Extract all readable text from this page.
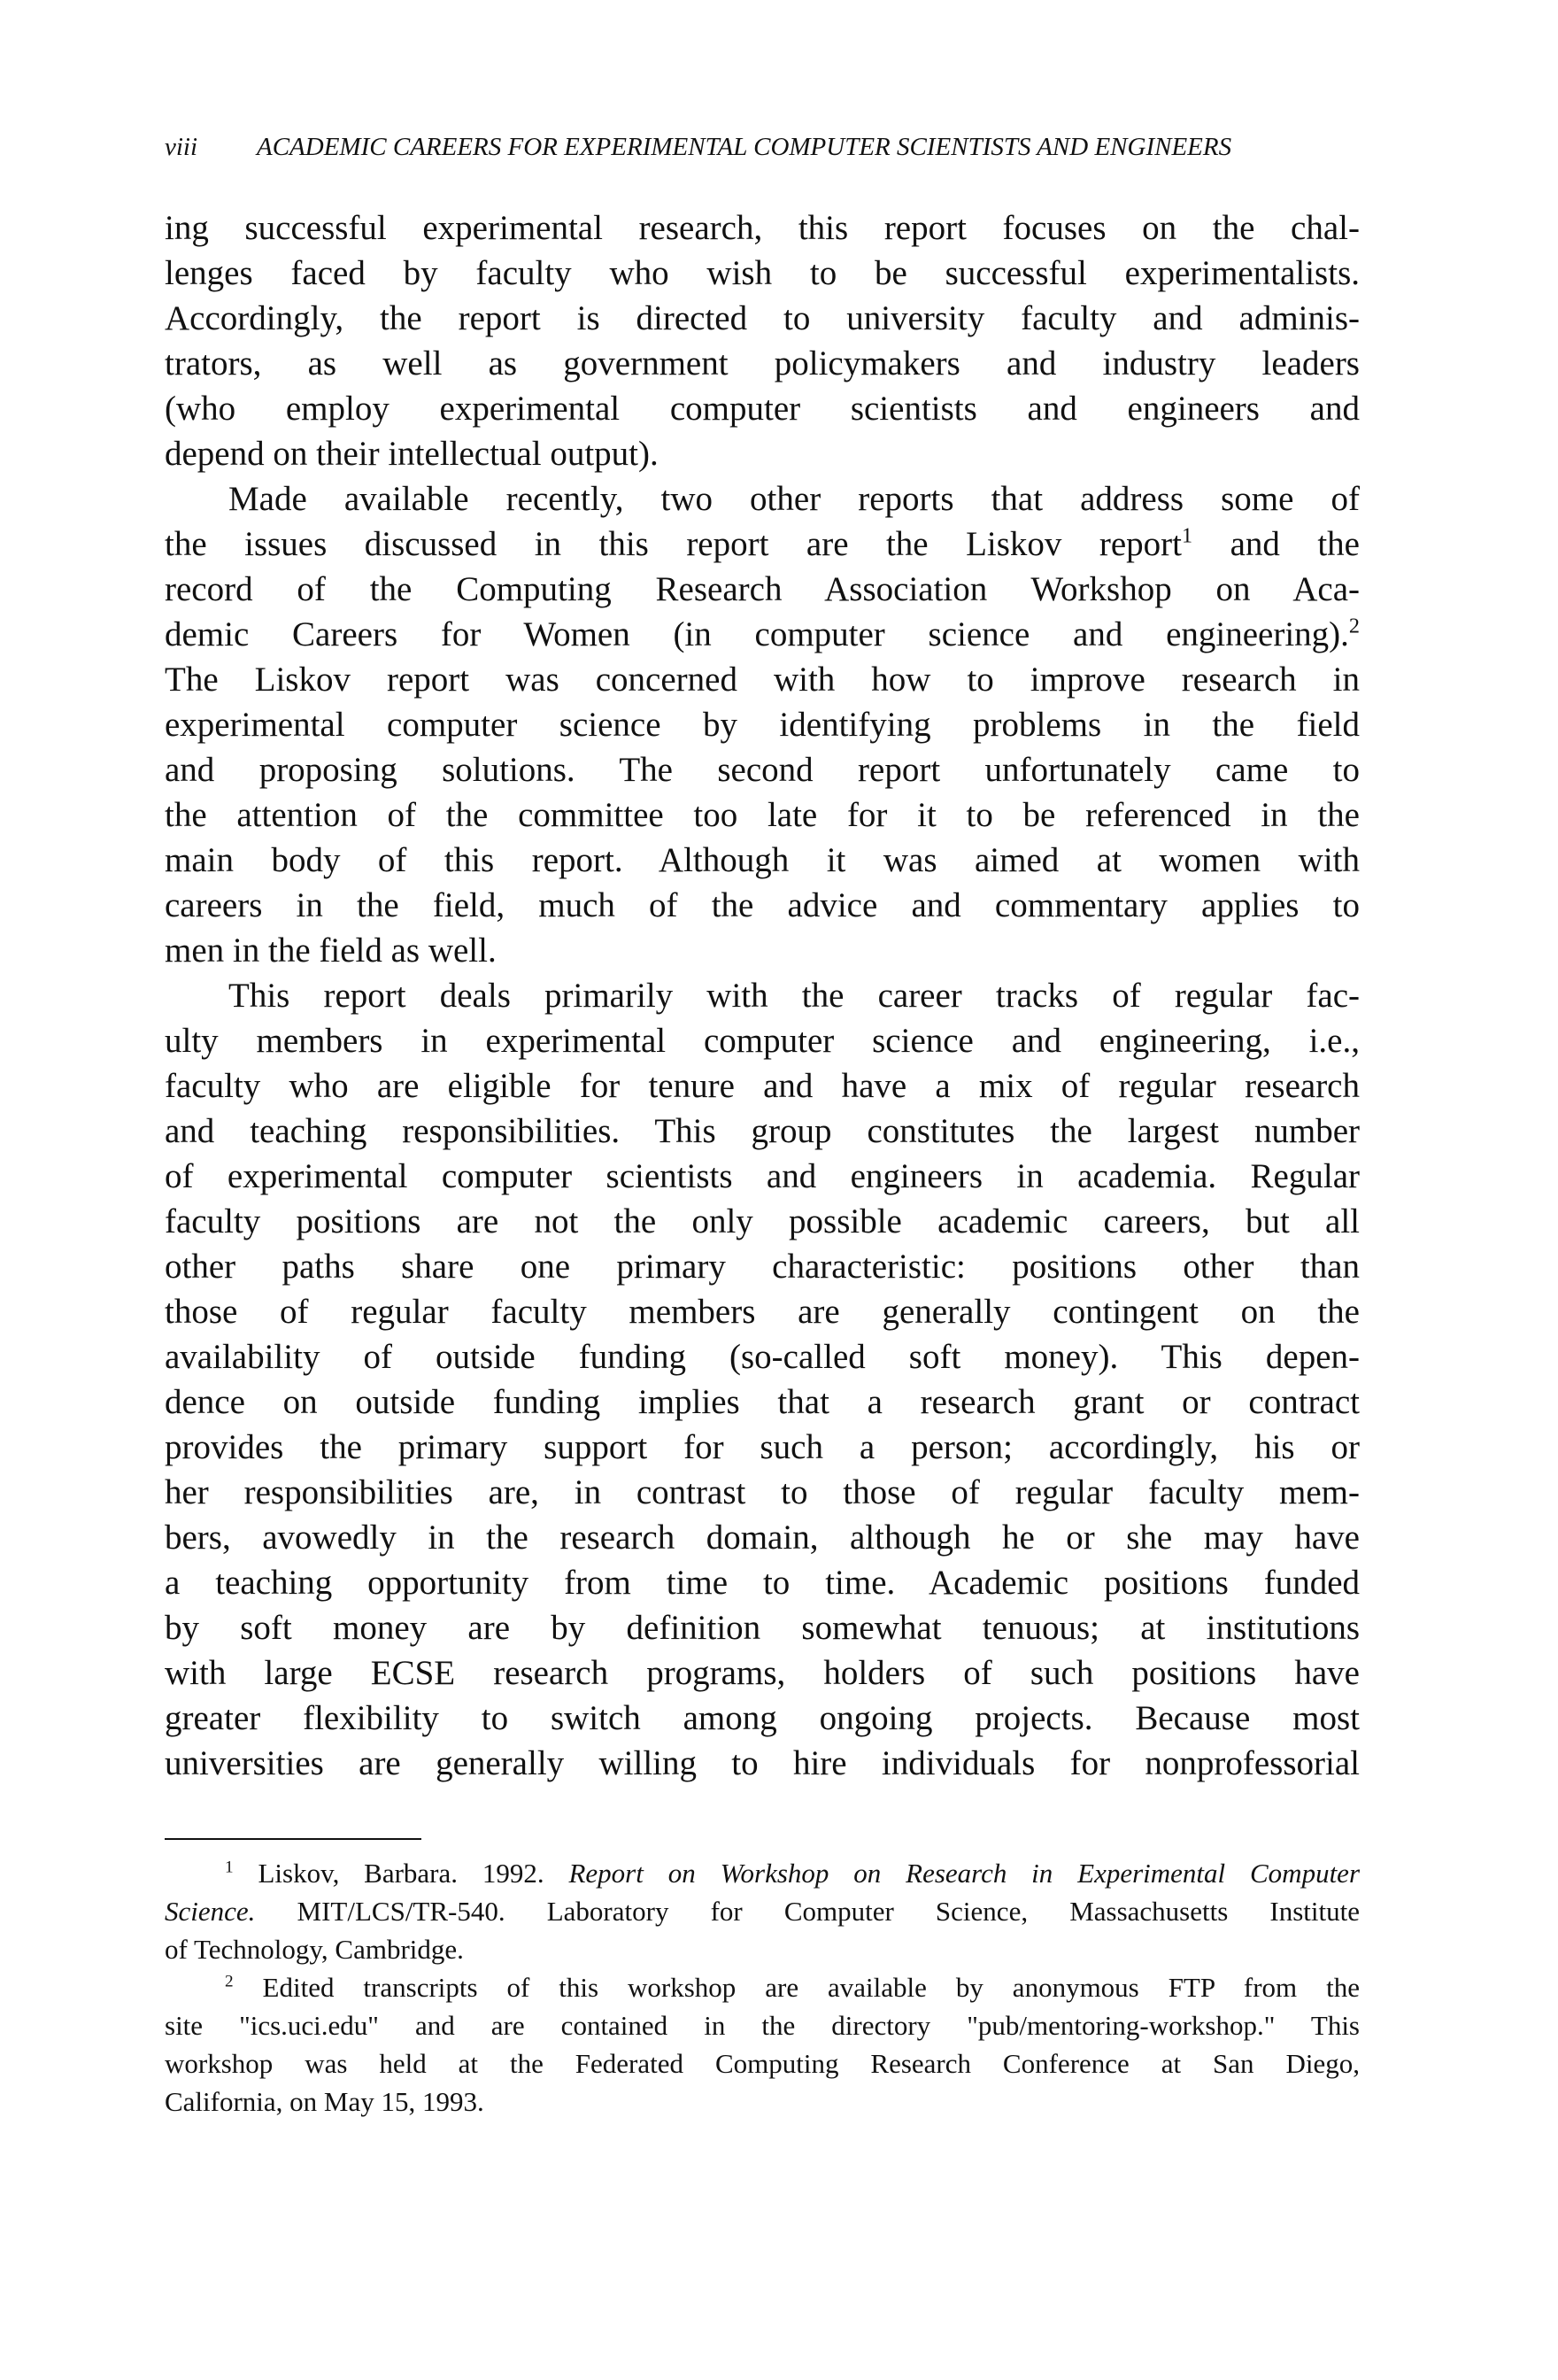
viii ACADEMIC CAREERS FOR EXPERIMENTAL COMPUTER SCIENTISTS AND ENGINEERS
ing successful experimental research, this report focuses on the chal-
lenges faced by faculty who wish to be successful experimentalists.
Accordingly, the report is directed to university faculty and adminis-
trators, as well as government policymakers and industry leaders
(who employ experimental computer scientists and engineers and
depend on their intellectual output).
Made available recently, two other reports that address some of
the issues discussed in this report are the Liskov report$^1$ and the
record of the Computing Research Association Workshop on Aca-
demic Careers for Women (in computer science and engineering).$^2$
The Liskov report was concerned with how to improve research in
experimental computer science by identifying problems in the field
and proposing solutions. The second report unfortunately came to
the attention of the committee too late for it to be referenced in the
main body of this report. Although it was aimed at women with
careers in the field, much of the advice and commentary applies to
men in the field as well.
This report deals primarily with the career tracks of regular fac-
ulty members in experimental computer science and engineering, i.e.,
faculty who are eligible for tenure and have a mix of regular research
and teaching responsibilities. This group constitutes the largest number
of experimental computer scientists and engineers in academia. Regular
faculty positions are not the only possible academic careers, but all
other paths share one primary characteristic: positions other than
those of regular faculty members are generally contingent on the
availability of outside funding (so-called soft money). This depen-
dence on outside funding implies that a research grant or contract
provides the primary support for such a person; accordingly, his or
her responsibilities are, in contrast to those of regular faculty mem-
bers, avowedly in the research domain, although he or she may have
a teaching opportunity from time to time. Academic positions funded
by soft money are by definition somewhat tenuous; at institutions
with large ECSE research programs, holders of such positions have
greater flexibility to switch among ongoing projects. Because most
universities are generally willing to hire individuals for nonprofessorial
$^1$ Liskov, Barbara. 1992. Report on Workshop on Research in Experimental Computer
Science. MIT/LCS/TR-540. Laboratory for Computer Science, Massachusetts Institute
of Technology, Cambridge.
$^2$ Edited transcripts of this workshop are available by anonymous FTP from the
site "ics.uci.edu" and are contained in the directory "pub/mentoring-workshop." This
workshop was held at the Federated Computing Research Conference at San Diego,
California, on May 15, 1993.
